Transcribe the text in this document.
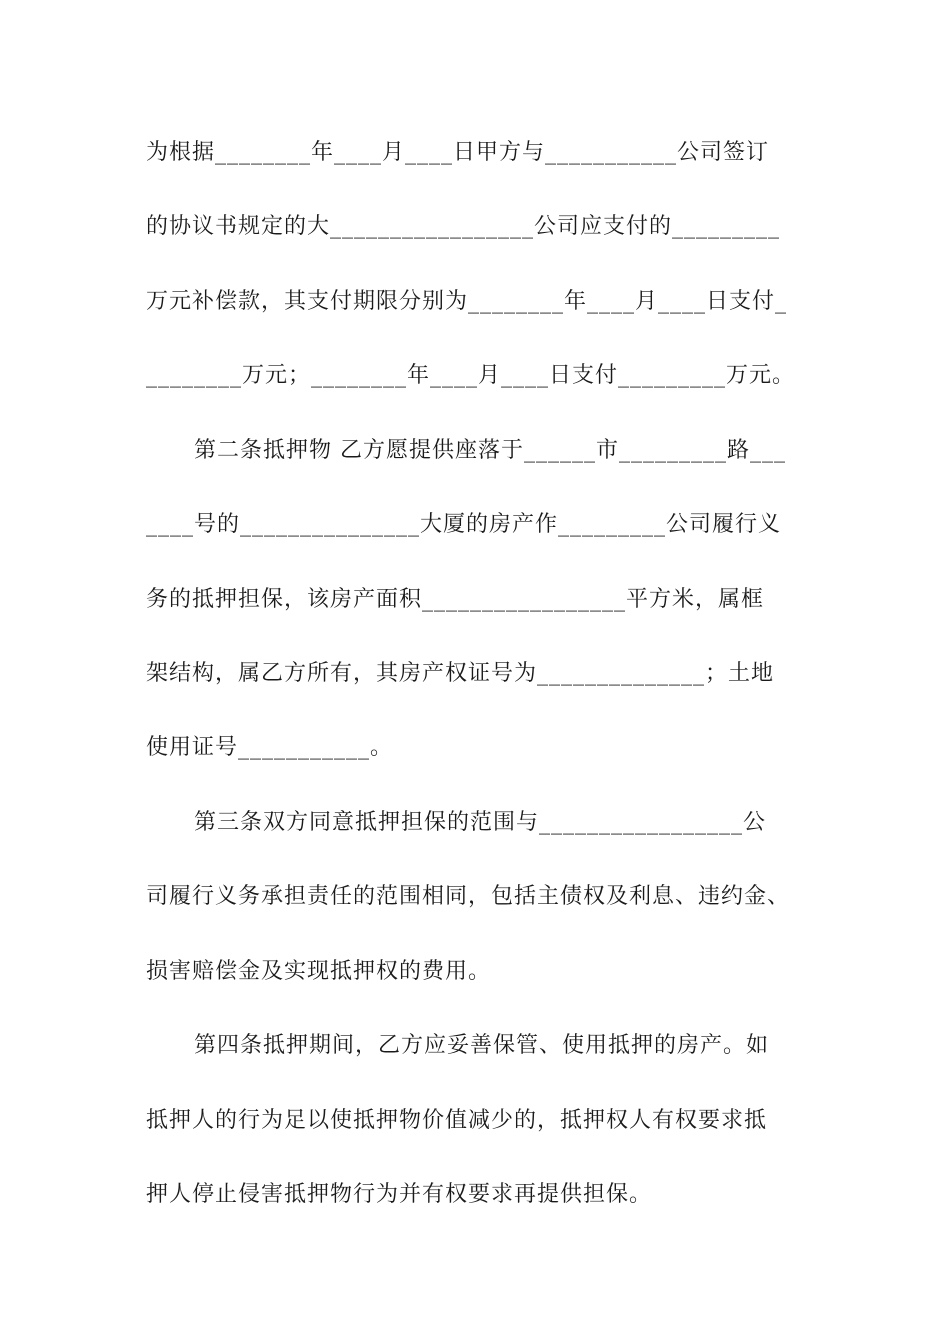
为根据________年____月____日甲方与___________公司签订
的协议书规定的大_________________公司应支付的_________
万元补偿款，其支付期限分别为________年____月____日支付_
________万元；________年____月____日支付_________万元。
第二条抵押物 乙方愿提供座落于______市_________路___
____号的_______________大厦的房产作_________公司履行义
务的抵押担保，该房产面积_________________平方米，属框
架结构，属乙方所有，其房产权证号为______________；土地
使用证号___________。
第三条双方同意抵押担保的范围与_________________公
司履行义务承担责任的范围相同，包括主债权及利息、违约金、
损害赔偿金及实现抵押权的费用。
第四条抵押期间，乙方应妥善保管、使用抵押的房产。如
抵押人的行为足以使抵押物价值减少的，抵押权人有权要求抵
押人停止侵害抵押物行为并有权要求再提供担保。
